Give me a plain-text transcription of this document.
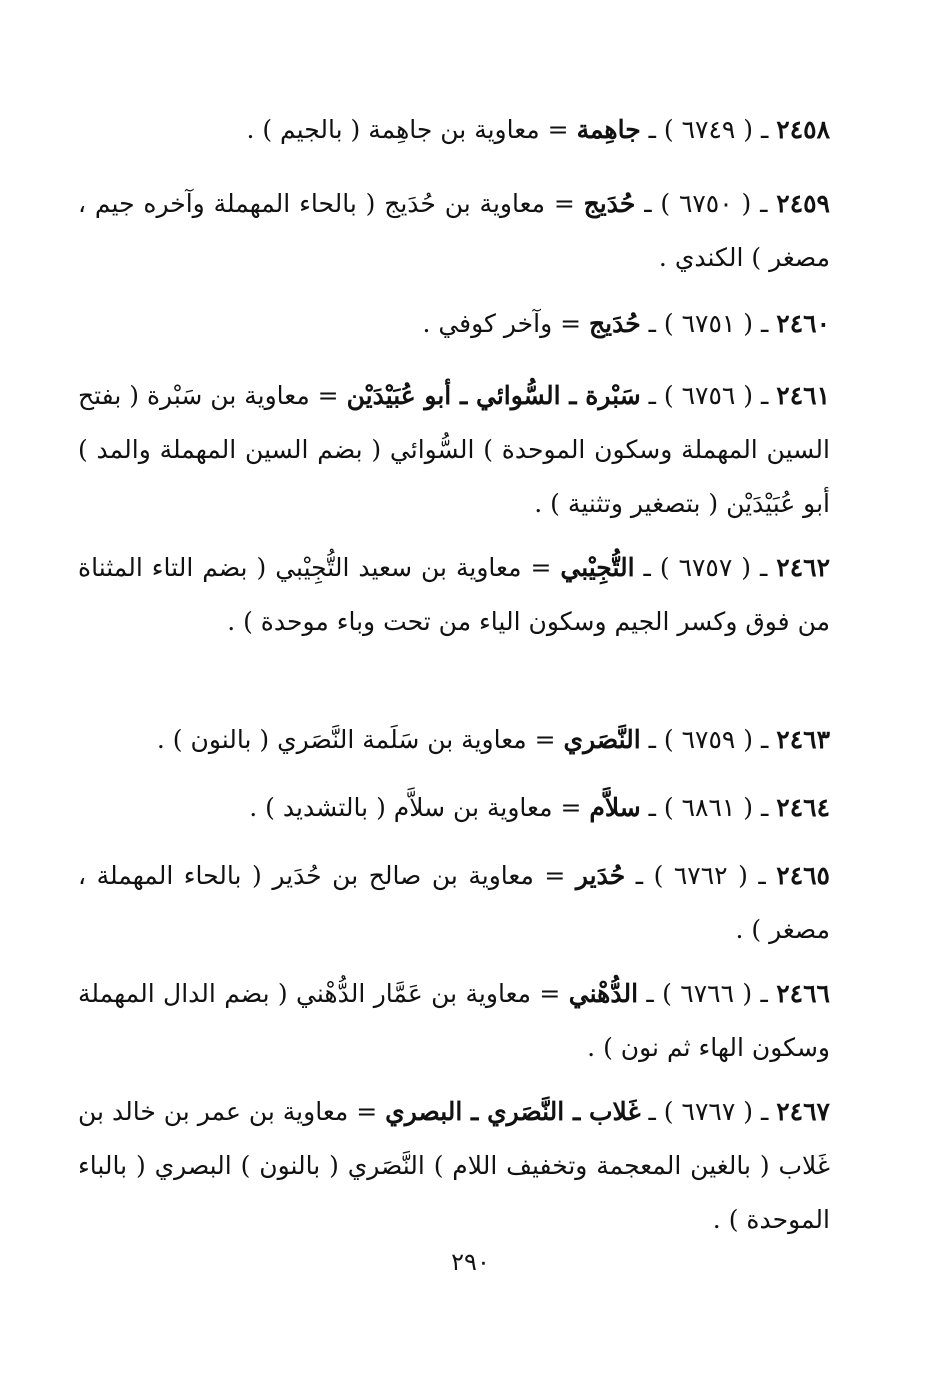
٢٤٥٨ ـ ( ٦٧٤٩ ) ـ جاهِمة = معاوية بن جاهِمة ( بالجيم ) .

٢٤٥٩ ـ ( ٦٧٥٠ ) ـ حُدَيج = معاوية بن حُدَيج ( بالحاء المهملة وآخره جيم ، مصغر ) الكندي .

٢٤٦٠ ـ ( ٦٧٥١ ) ـ حُدَيج = وآخر كوفي .

٢٤٦١ ـ ( ٦٧٥٦ ) ـ سَبْرة ـ السُّوائي ـ أبو عُبَيْدَيْن = معاوية بن سَبْرة ( بفتح السين المهملة وسكون الموحدة ) السُّوائي ( بضم السين المهملة والمد ) أبو عُبَيْدَيْن ( بتصغير وتثنية ) .

٢٤٦٢ ـ ( ٦٧٥٧ ) ـ التُّجِيْبي = معاوية بن سعيد التُّجِيْبي ( بضم التاء المثناة من فوق وكسر الجيم وسكون الياء من تحت وباء موحدة ) .

٢٤٦٣ ـ ( ٦٧٥٩ ) ـ النَّصَري = معاوية بن سَلَمة النَّصَري ( بالنون ) .

٢٤٦٤ ـ ( ٦٨٦١ ) ـ سلاَّم = معاوية بن سلاَّم ( بالتشديد ) .

٢٤٦٥ ـ ( ٦٧٦٢ ) ـ حُدَير = معاوية بن صالح بن حُدَير ( بالحاء المهملة ، مصغر ) .

٢٤٦٦ ـ ( ٦٧٦٦ ) ـ الدُّهْني = معاوية بن عَمَّار الدُّهْني ( بضم الدال المهملة وسكون الهاء ثم نون ) .

٢٤٦٧ ـ ( ٦٧٦٧ ) ـ غَلاب ـ النَّصَري ـ البصري = معاوية بن عمر بن خالد بن غَلاب ( بالغين المعجمة وتخفيف اللام ) النَّصَري ( بالنون ) البصري ( بالباء الموحدة ) .

٢٩٠
